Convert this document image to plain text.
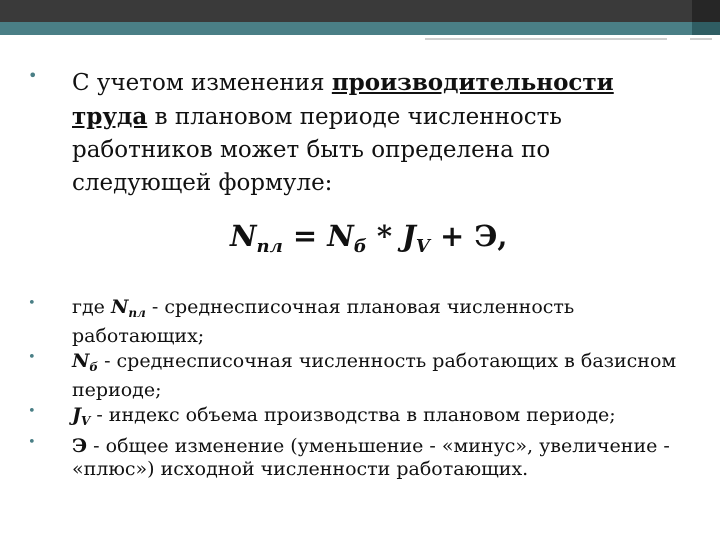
• С учетом изменения производительности труда в плановом периоде численность работников может быть определена по следующей формуле:
$N_{пл} = N_б * J_V + Э$,
• где $N_{пл}$ - среднесписочная плановая численность работающих;
• $N_б$ - среднесписочная численность работающих в базисном периоде;
• $J_V$ - индекс объема производства в плановом периоде;
• Э - общее изменение (уменьшение - «минус», увеличение - «плюс») исходной численности работающих.
